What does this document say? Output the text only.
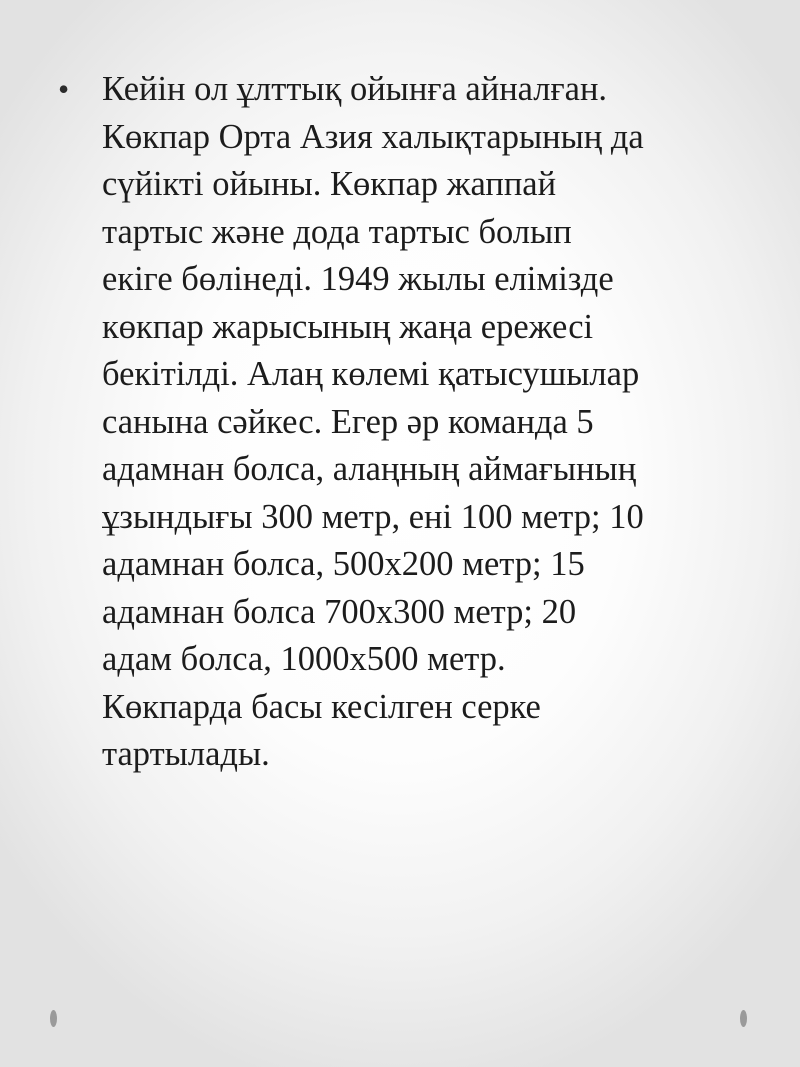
• Кейін ол ұлттық ойынға айналған.
Көкпар Орта Азия халықтарының да
сүйікті ойыны. Көкпар жаппай
тартыс және дода тартыс болып
екіге бөлінеді. 1949 жылы елімізде
көкпар жарысының жаңа ережесі
бекітілді. Алаң көлемі қатысушылар
санына сәйкес. Егер әр команда 5
адамнан болса, алаңның аймағының
ұзындығы 300 метр, ені 100 метр; 10
адамнан болса, 500х200 метр; 15
адамнан болса 700х300 метр; 20
адам болса, 1000х500 метр.
Көкпарда басы кесілген серке
тартылады.
